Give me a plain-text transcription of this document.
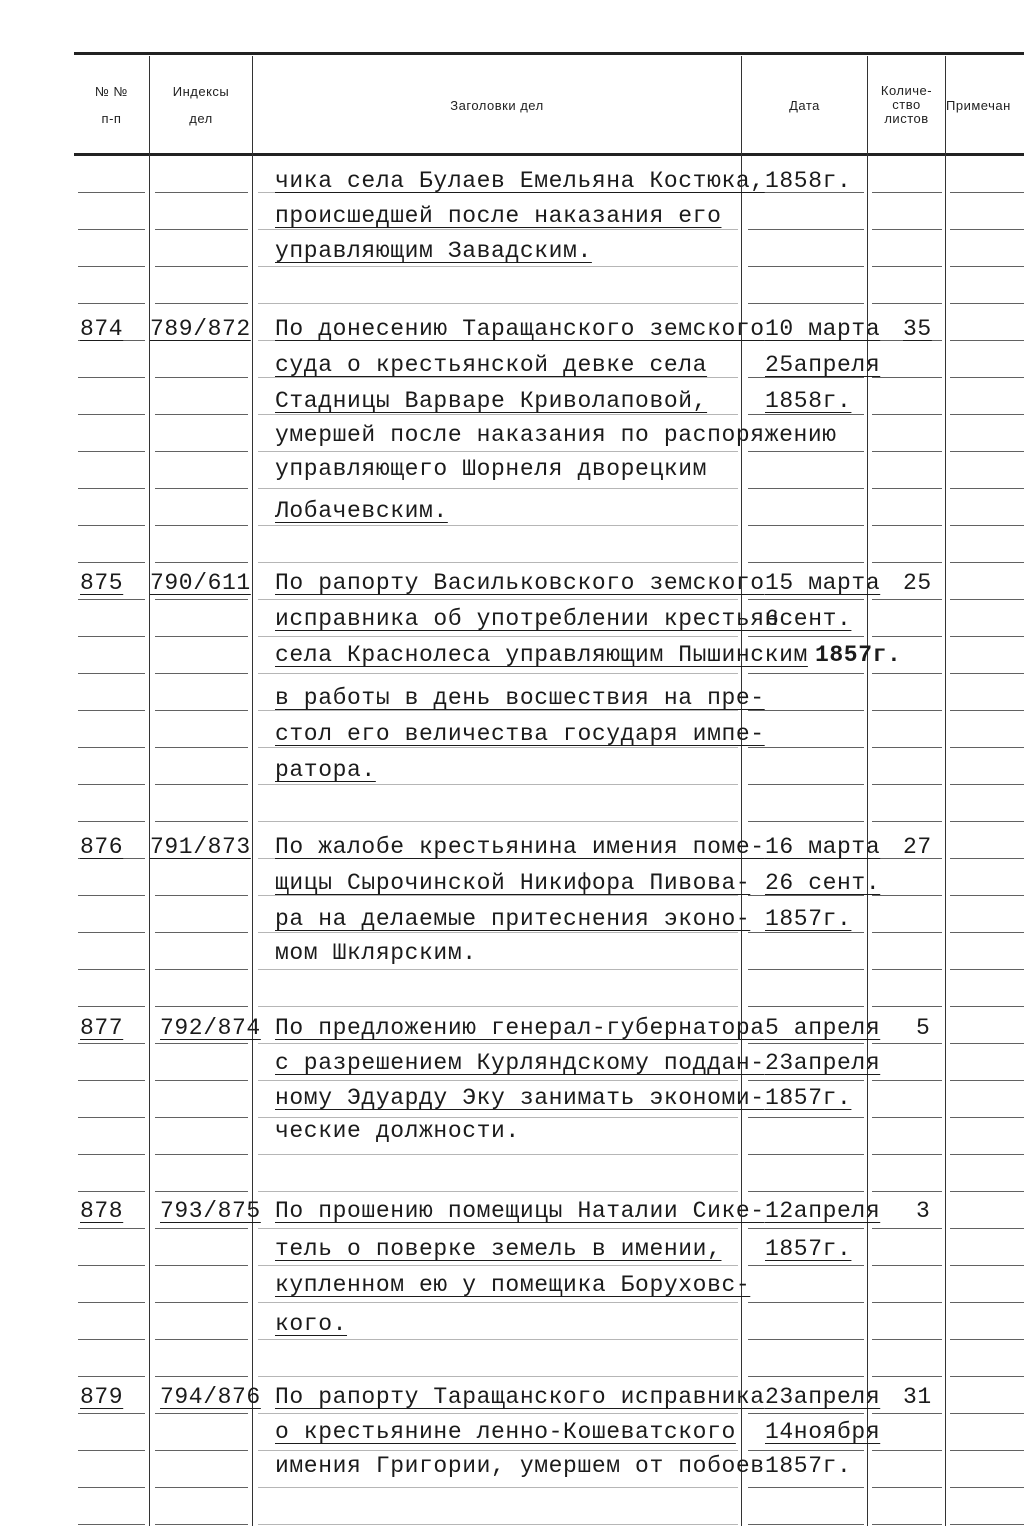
№ №
п-п
Индексы
дел
Заголовки дел	Дата
Количе-
ство
листов
Примечан
чика села Булаев Емельяна Костюка,
происшедшей после наказания его
управляющим Завадским.
1858г.
874 789/872 По донесению Таращанского земского
суда о крестьянской девке села
Стадницы Варваре Криволаповой,
умершей после наказания по распоряжению
управляющего Шорнеля дворецким
Лобачевским.
10 марта
25апреля
1858г.
35
875 790/611 По рапорту Васильковского земского
исправника об употреблении крестьян
села Краснолеса управляющим Пышинским
в работы в день восшествия на пре-
стол его величества государя импе-
ратора.
15 марта
6сент.
1857г.
25
876 791/873 По жалобе крестьянина имения поме-
щицы Сырочинской Никифора Пивова-
ра на делаемые притеснения эконо-
мом Шклярским.
16 марта
26 сент.
1857г.
27
877 792/874 По предложению генерал-губернатора
с разрешением Курляндскому поддан-
ному Эдуарду Эку занимать экономи-
ческие должности.
5 апреля
23апреля
1857г.
5
878 793/875 По прошению помещицы Наталии Сике-
тель о поверке земель в имении,
купленном ею у помещика Боруховс-
кого.
12апреля
1857г.
3
879 794/876 По рапорту Таращанского исправника
о крестьянине ленно-Кошеватского
имения Григории, умершем от побоев
23апреля
14ноября
1857г.
31
